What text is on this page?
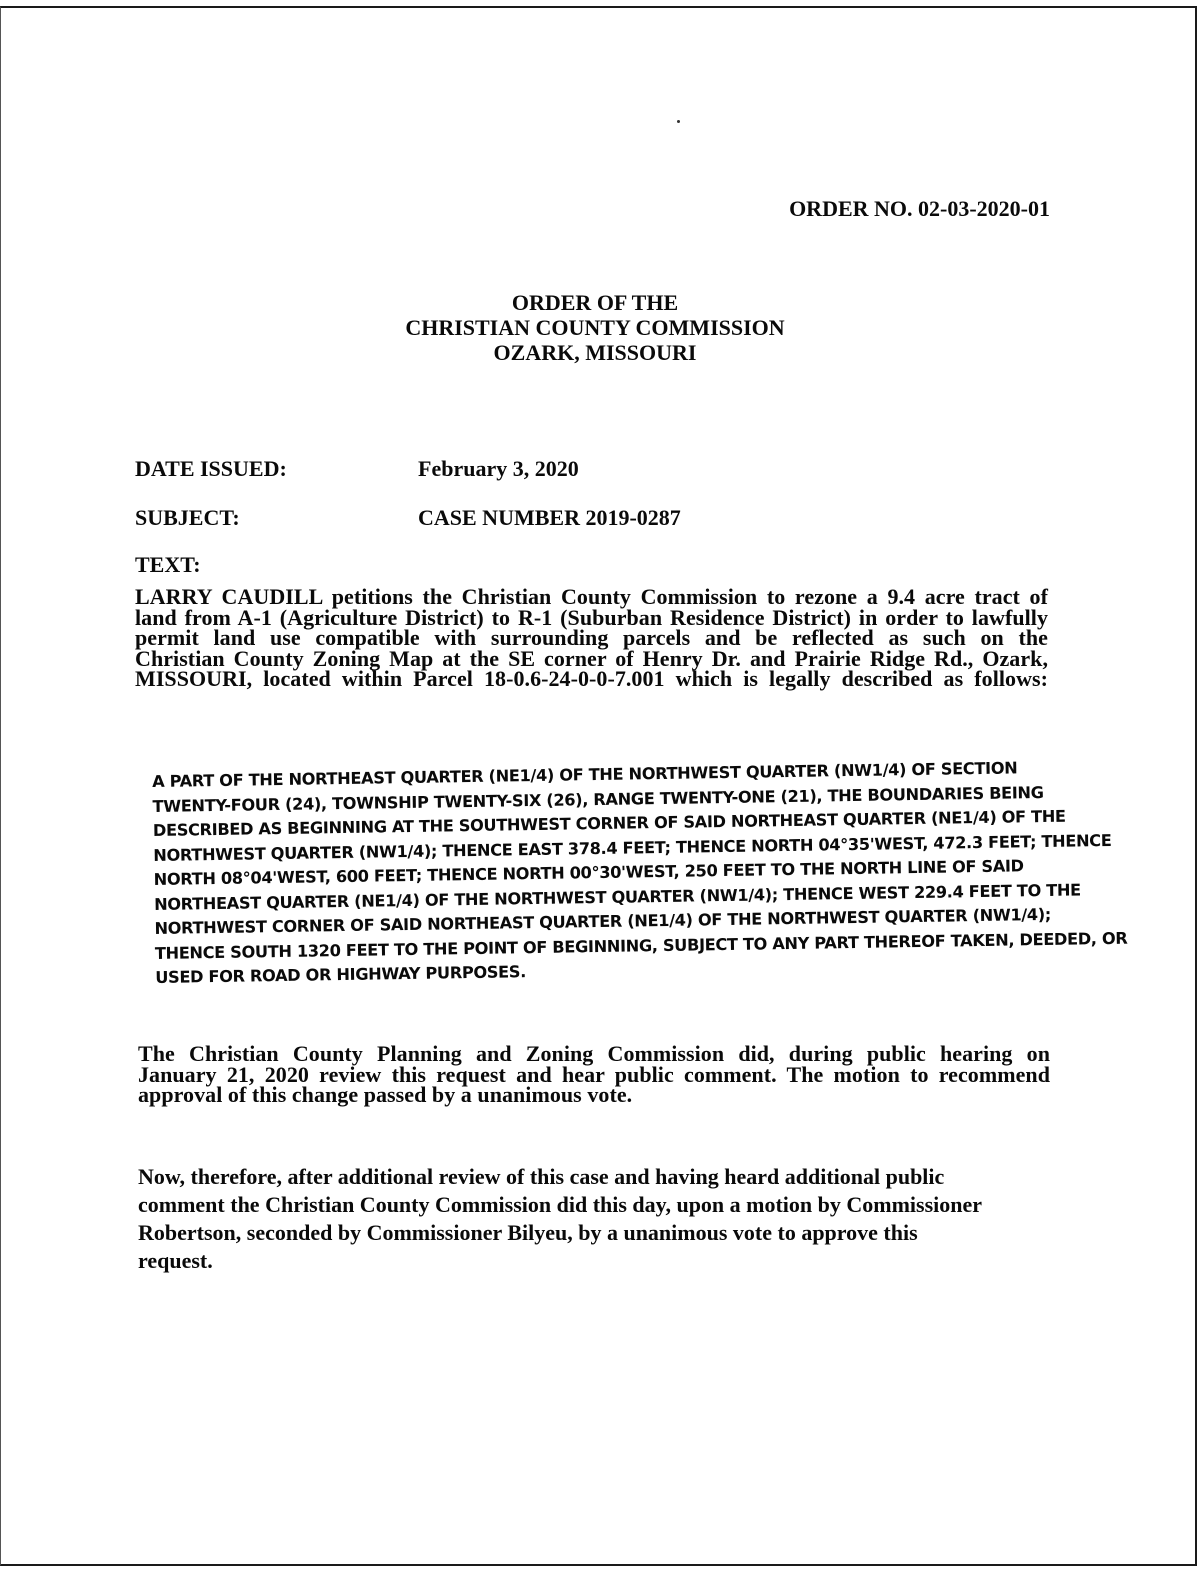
ORDER NO. 02-03-2020-01
ORDER OF THE
CHRISTIAN COUNTY COMMISSION
OZARK, MISSOURI
DATE ISSUED:	February 3, 2020
SUBJECT:	CASE NUMBER 2019-0287
TEXT:
LARRY CAUDILL petitions the Christian County Commission to rezone a 9.4 acre tract of
land from A-1 (Agriculture District) to R-1 (Suburban Residence District) in order to lawfully
permit land use compatible with surrounding parcels and be reflected as such on the
Christian County Zoning Map at the SE corner of Henry Dr. and Prairie Ridge Rd., Ozark,
MISSOURI, located within Parcel 18-0.6-24-0-0-7.001 which is legally described as follows:
A PART OF THE NORTHEAST QUARTER (NE1/4) OF THE NORTHWEST QUARTER (NW1/4) OF SECTION
TWENTY-FOUR (24), TOWNSHIP TWENTY-SIX (26), RANGE TWENTY-ONE (21), THE BOUNDARIES BEING
DESCRIBED AS BEGINNING AT THE SOUTHWEST CORNER OF SAID NORTHEAST QUARTER (NE1/4) OF THE
NORTHWEST QUARTER (NW1/4); THENCE EAST 378.4 FEET; THENCE NORTH 04°35'WEST, 472.3 FEET; THENCE
NORTH 08°04'WEST, 600 FEET; THENCE NORTH 00°30'WEST, 250 FEET TO THE NORTH LINE OF SAID
NORTHEAST QUARTER (NE1/4) OF THE NORTHWEST QUARTER (NW1/4); THENCE WEST 229.4 FEET TO THE
NORTHWEST CORNER OF SAID NORTHEAST QUARTER (NE1/4) OF THE NORTHWEST QUARTER (NW1/4);
THENCE SOUTH 1320 FEET TO THE POINT OF BEGINNING, SUBJECT TO ANY PART THEREOF TAKEN, DEEDED, OR
USED FOR ROAD OR HIGHWAY PURPOSES.
The Christian County Planning and Zoning Commission did, during public hearing on
January 21, 2020 review this request and hear public comment. The motion to recommend
approval of this change passed by a unanimous vote.
Now, therefore, after additional review of this case and having heard additional public
comment the Christian County Commission did this day, upon a motion by Commissioner
Robertson, seconded by Commissioner Bilyeu, by a unanimous vote to approve this
request.
